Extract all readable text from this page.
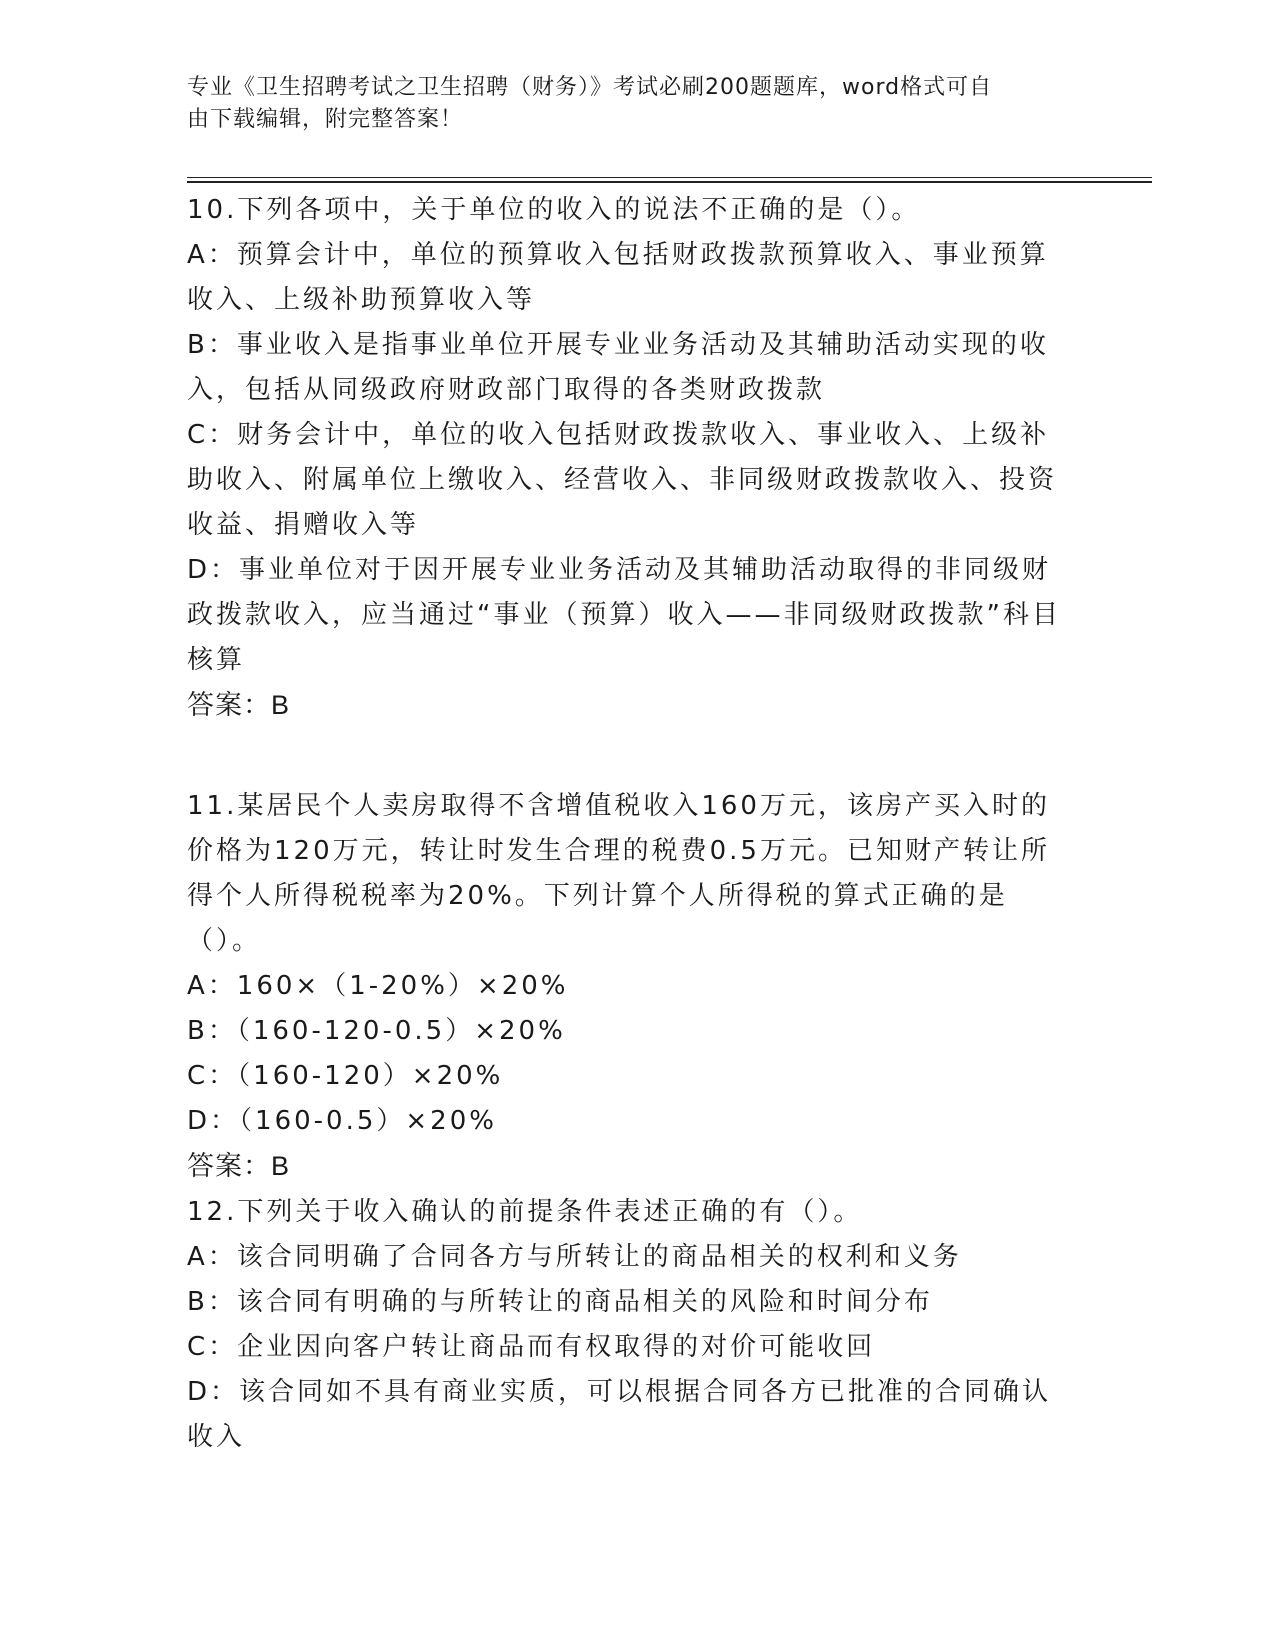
专业《卫生招聘考试之卫生招聘（财务）》考试必刷200题题库，word格式可自
由下载编辑，附完整答案！

10.下列各项中，关于单位的收入的说法不正确的是（）。

A：预算会计中，单位的预算收入包括财政拨款预算收入、事业预算收入、上级补助预算收入等

B：事业收入是指事业单位开展专业业务活动及其辅助活动实现的收入，包括从同级政府财政部门取得的各类财政拨款

C：财务会计中，单位的收入包括财政拨款收入、事业收入、上级补助收入、附属单位上缴收入、经营收入、非同级财政拨款收入、投资收益、捐赠收入等

D：事业单位对于因开展专业业务活动及其辅助活动取得的非同级财政拨款收入，应当通过“事业（预算）收入——非同级财政拨款”科目核算

答案：B

11.某居民个人卖房取得不含增值税收入160万元，该房产买入时的价格为120万元，转让时发生合理的税费0.5万元。已知财产转让所得个人所得税税率为20%。下列计算个人所得税的算式正确的是（）。

A：160×（1-20%）×20%

B：（160-120-0.5）×20%

C：（160-120）×20%

D：（160-0.5）×20%

答案：B

12.下列关于收入确认的前提条件表述正确的有（）。

A：该合同明确了合同各方与所转让的商品相关的权利和义务

B：该合同有明确的与所转让的商品相关的风险和时间分布

C：企业因向客户转让商品而有权取得的对价可能收回

D：该合同如不具有商业实质，可以根据合同各方已批准的合同确认收入
